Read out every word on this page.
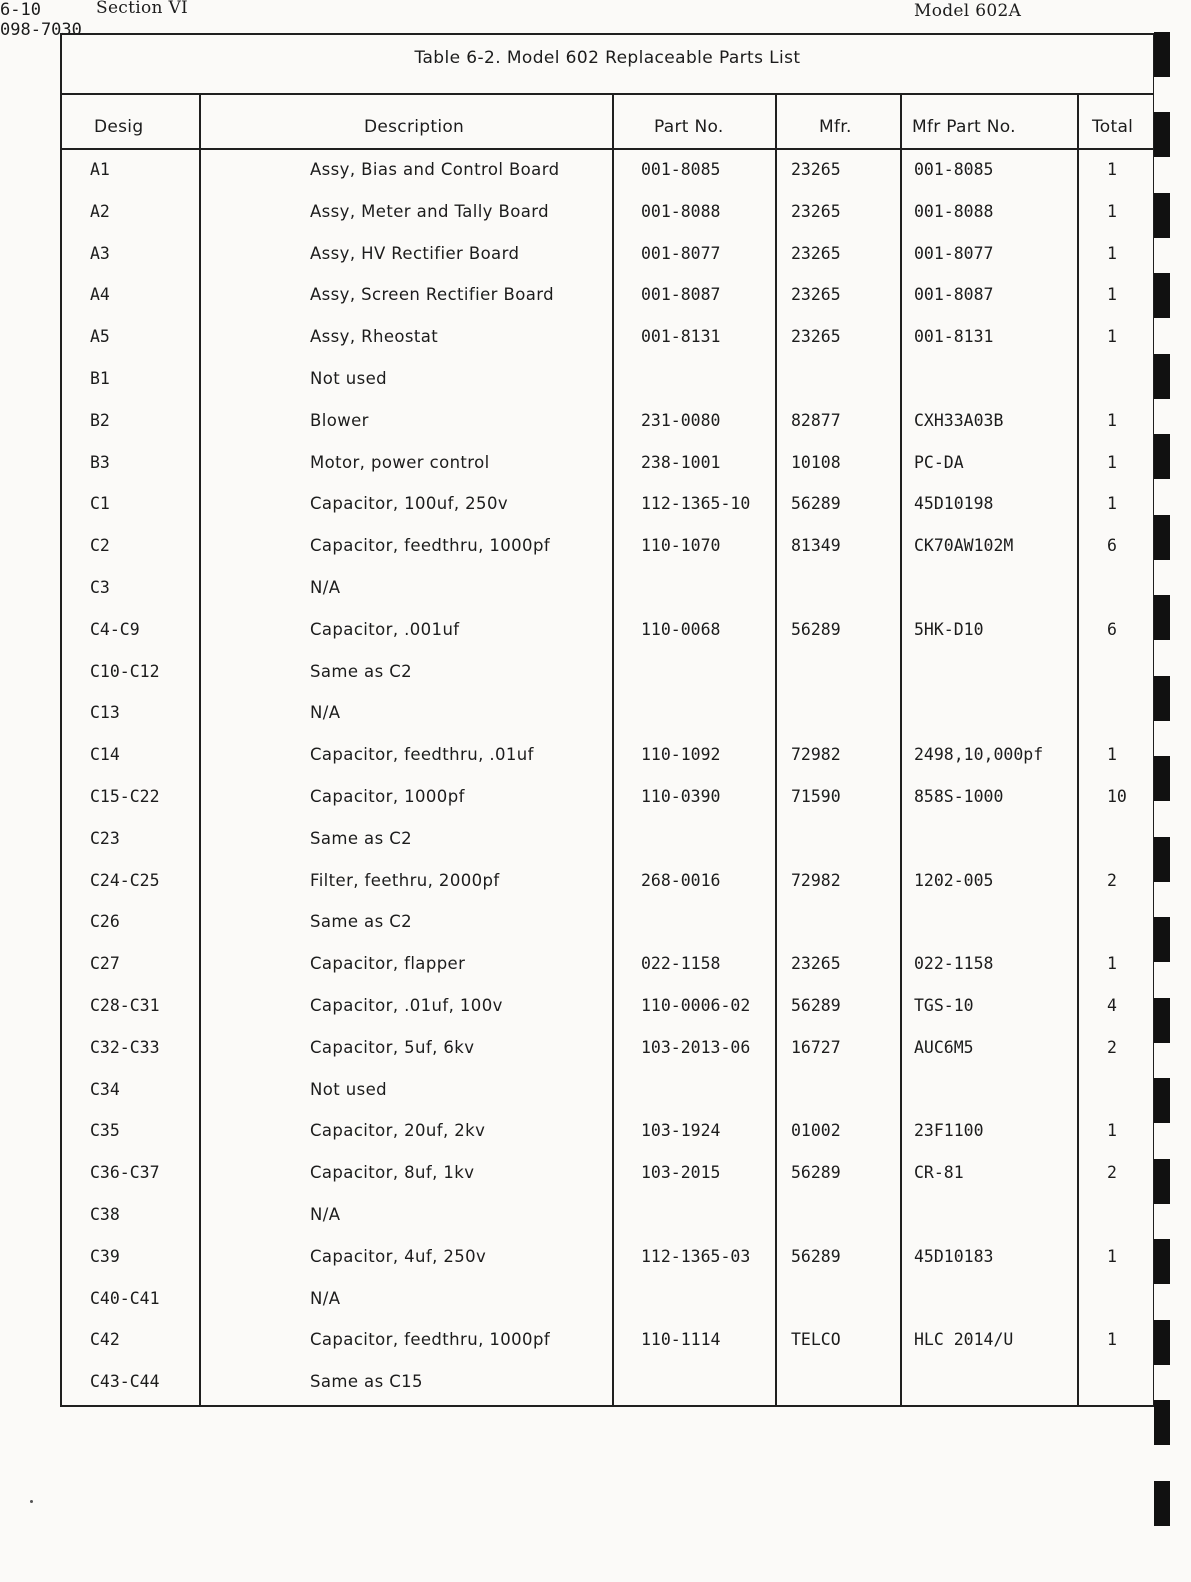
Section VI	Model 602A
Table 6-2. Model 602 Replaceable Parts List
Desig	Description	Part No.	Mfr.	Mfr Part No.	Total
A1	Assy, Bias and Control Board	001-8085	23265	001-8085	1
A2	Assy, Meter and Tally Board	001-8088	23265	001-8088	1
A3	Assy, HV Rectifier Board	001-8077	23265	001-8077	1
A4	Assy, Screen Rectifier Board	001-8087	23265	001-8087	1
A5	Assy, Rheostat	001-8131	23265	001-8131	1
B1	Not used
B2	Blower	231-0080	82877	CXH33A03B	1
B3	Motor, power control	238-1001	10108	PC-DA	1
C1	Capacitor, 100uf, 250v	112-1365-10 56289	45D10198	1
C2	Capacitor, feedthru, 1000pf	110-1070	81349	CK70AW102M	6
C3	N/A
C4-C9	Capacitor, .001uf	110-0068	56289	5HK-D10	6
C10-C12	Same as C2
C13	N/A
C14	Capacitor, feedthru, .01uf	110-1092	72982	2498,10,000pf	1
C15-C22	Capacitor, 1000pf	110-0390	71590	858S-1000	10
C23	Same as C2
C24-C25	Filter, feethru, 2000pf	268-0016	72982	1202-005	2
C26	Same as C2
C27	Capacitor, flapper	022-1158	23265	022-1158	1
C28-C31	Capacitor, .01uf, 100v	110-0006-02 56289	TGS-10	4
C32-C33	Capacitor, 5uf, 6kv	103-2013-06 16727	AUC6M5	2
C34	Not used
C35	Capacitor, 20uf, 2kv	103-1924	01002	23F1100	1
C36-C37	Capacitor, 8uf, 1kv	103-2015	56289	CR-81	2
C38	N/A
C39	Capacitor, 4uf, 250v	112-1365-03 56289	45D10183	1
C40-C41	N/A
C42	Capacitor, feedthru, 1000pf	110-1114	TELCO	HLC 2014/U	1
C43-C44	Same as C15
6-10
098-7030
